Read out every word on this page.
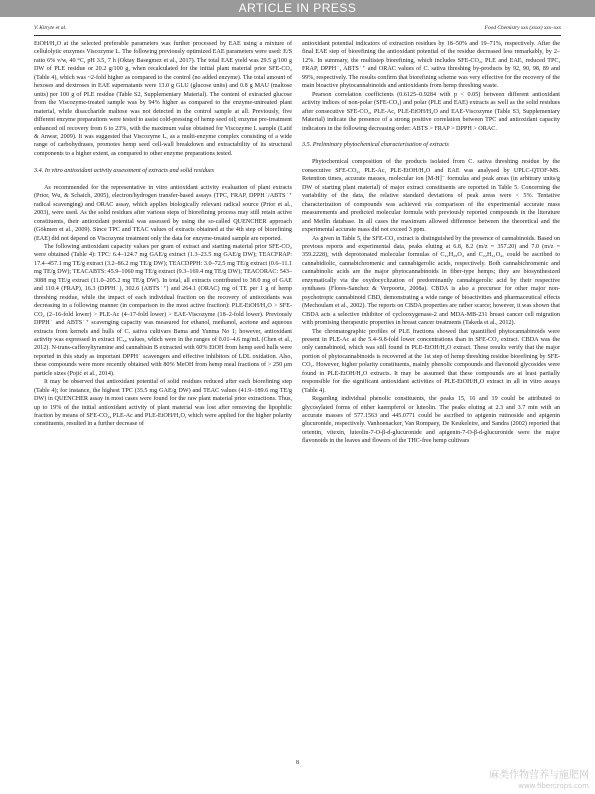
ARTICLE IN PRESS
V. Kitryte et al.	Food Chemistry xxx (xxxx) xxx–xxx

EtOH/H₂O at the selected preferable parameters was further processed by EAE using a mixture of cellulolytic enzymes Viscozyme L. The following previously optimized EAE parameters were used: E/S ratio 6% v/w, 40 °C, pH 3.5, 7 h (Oktay Basegmez et al., 2017). The total EAE yield was 29.5 g/100 g DW of PLE residue or 20.2 g/100 g, when recalculated for the initial plant material prior SFE-CO₂ (Table 4), which was ~2-fold higher as compared to the control (no added enzyme). The total amount of hexoses and dextroses in EAE supernatants were 13.0 g GLU (glucose units) and 0.8 g MAU (maltose units) per 100 g of PLE residue (Table S2, Supplementary Material). The content of extracted glucose from the Viscozyme-treated sample was by 94% higher as compared to the enzyme-untreated plant material, while disaccharide maltose was not detected in the control sample at all. Previously, five different enzyme preparations were tested to assist cold-pressing of hemp seed oil; enzyme pre-treatment enhanced oil recovery from 6 to 23%, with the maximum value obtained for Viscozyme L sample (Latif & Anwar, 2009). It was suggested that Viscozyme L, as a multi-enzyme complex consisting of a wide range of carbohydrases, promotes hemp seed cell-wall breakdown and extractability of its structural components to a higher extent, as compared to other enzyme preparations tested.

3.4. In vitro antioxidant activity assessment of extracts and solid residues

As recommended for the representative in vitro antioxidant activity evaluation of plant extracts (Prior, Wu, & Schaich, 2005), electron/hydrogen transfer-based assays (TPC, FRAP, DPPH˙/ABTS˙⁺ radical scavenging) and ORAC assay, which applies biologically relevant radical source (Prior et al., 2003), were used. As the solid residues after various steps of biorefining process may still retain active constituents, their antioxidant potential was assessed by using the so-called QUENCHER approach (Gökmen et al., 2009). Since TPC and TEAC values of extracts obtained at the 4th step of biorefining (EAE) did not depend on Viscozyme treatment only the data for enzyme-treated sample are reported.

The following antioxidant capacity values per gram of extract and starting material prior SFE-CO₂ were obtained (Table 4): TPC: 6.4–124.7 mg GAE/g extract (1.3–23.5 mg GAE/g DW); TEACFRAP: 17.4–457.1 mg TE/g extract (3.2–86.2 mg TE/g DW); TEACDPPH: 3.0–72.5 mg TE/g extract (0.6–11.1 mg TE/g DW); TEACABTS: 45.9–1060 mg TE/g extract (9.3–169.4 mg TE/g DW); TEACORAC: 543–3088 mg TE/g extract (11.0–205.2 mg TE/g DW). In total, all extracts contributed to 38.0 mg of GAE and 110.4 (FRAP), 16.3 (DPPH˙), 302.6 (ABTS˙⁺) and 264.1 (ORAC) mg of TE per 1 g of hemp threshing residue, while the impact of each individual fraction on the recovery of antioxidants was decreasing in a following manner (in comparison to the most active fraction): PLE-EtOH/H₂O > SFE-CO₂ (2–16-fold lower) > PLE-Ac (4–17-fold lower) > EAE-Viscozyme (18–2-fold lower). Previously DPPH˙ and ABTS˙⁺ scavenging capacity was measured for ethanol, methanol, acetone and aqueous extracts from kernels and hulls of C. sativa cultivars Bama and Yunma No 1; however, antioxidant activity was expressed in extract IC₅₀ values, which were in the ranges of 0.01–4.6 mg/mL (Chen et al., 2012). N-trans-caffeoyltyramine and cannabisin B extracted with 60% EtOH from hemp seed hulls were reported in this study as important DPPH˙ scavengers and effective inhibitors of LDL oxidation. Also, these compounds were more recently obtained with 80% MeOH from hemp meal fractions of > 250 μm particle sizes (Pojić et al., 2014).

It may be observed that antioxidant potential of solid residues reduced after each biorefining step (Table 4); for instance, the highest TPC (35.5 mg GAE/g DW) and TEAC values (41.9–189.6 mg TE/g DW) in QUENCHER assay in most cases were found for the raw plant material prior extractions. Thus, up to 19% of the initial antioxidant activity of plant material was lost after removing the lipophilic fraction by means of SFE-CO₂, PLE-Ac and PLE-EtOH/H₂O, which were applied for the higher polarity constituents, resulted in a further decrease of

antioxidant potential indicators of extraction residues by 18–50% and 19–71%, respectively. After the final EAE step of biorefining the antioxidant potential of the residue decreased less remarkably, by 2–12%. In summary, the multistep biorefining, which includes SFE-CO₂, PLE and EAE, reduced TPC, FRAP, DPPH˙, ABTS˙⁺ and ORAC values of C. sativa threshing by-products by 92, 90, 98, 89 and 99%, respectively. The results confirm that biorefining scheme was very effective for the recovery of the main bioactive phytocannabinoids and antioxidants from hemp threshing waste.

Pearson correlation coefficients (0.6125–0.9284 with p < 0.05) between different antioxidant activity indices of non-polar (SFE-CO₂) and polar (PLE and EAE) extracts as well as the solid residues after consecutive SFE-CO₂, PLE-Ac, PLE-EtOH/H₂O and EAE-Viscozyme (Table S3, Supplementary Material) indicate the presence of a strong positive correlation between TPC and antioxidant capacity indicators in the following decreasing order: ABTS > FRAP > DPPH > ORAC.

3.5. Preliminary phytochemical characterisation of extracts

Phytochemical composition of the products isolated from C. sativa threshing residue by the consecutive SFE-CO₂, PLE-Ac, PLE-EtOH/H₂O and EAE was analysed by UPLC-QTOF-MS. Retention times, accurate masses, molecular ion [M-H]⁻ formulas and peak areas (in arbitrary units/g DW of starting plant material) of major extract constituents are reported in Table 5. Concerning the variability of the data, the relative standard deviations of peak areas were < 5%. Tentative characterization of compounds was achieved via comparison of the experimental accurate mass measurements and predicted molecular formula with previously reported compounds in the literature and Metlin database. In all cases the maximum allowed difference between the theoretical and the experimental accurate mass did not exceed 3 ppm.

As given in Table 5, the SFE-CO₂ extract is distinguished by the presence of cannabinoids. Based on previous reports and experimental data, peaks eluting at 6.8, 8.2 (m/z = 357.20) and 7.0 (m/z = 359.2228), with deprotonated molecular formulas of C₂₂H₂₉O₄ and C₂₂H₃₁O₄, could be ascribed to cannabidiolic, cannabichromenic and cannabigerolic acids, respectively. Both cannabichromenic and cannabinolic acids are the major phytocannabinoids in fiber-type hemps; they are biosynthesized enzymatically via the oxydocyclization of predominantly cannabigerolic acid by their respective synthases (Flores-Sanchez & Verpoorte, 2008a). CBDA is also a precursor for other major non-psychotropic cannabinoid CBD, demonstrating a wide range of bioactivities and pharmaceutical effects (Mechoulam et al., 2002). The reports on CBDA properties are rather scarce; however, it was shown that CBDA acts a selective inhibitor of cyclooxygenase-2 and MDA-MB-231 breast cancer cell migration with promising therapeutic properties in breast cancer treatments (Takeda et al., 2012).

The chromatographic profiles of PLE fractions showed that quantified phytocannabinoids were present in PLE-Ac at the 5.4–9.8-fold lower concentrations than in SFE-CO₂ extract. CBDA was the only cannabinoid, which was still found in PLE-EtOH/H₂O extract. These results verify that the major portion of phytocannabinoids is recovered at the 1st step of hemp threshing residue biorefining by SFE-CO₂. However, higher polarity constituents, mainly phenolic compounds and flavonoid glycosides were found in PLE-EtOH/H₂O extracts. It may be assumed that these compounds are at least partially responsible for the significant antioxidant activities of PLE-EtOH/H₂O extract in all in vitro assays (Table 4).

Regarding individual phenolic constituents, the peaks 15, 16 and 19 could be attributed to glycosylated forms of either kaempferol or luteolin. The peaks eluting at 2.3 and 3.7 min with an accurate masses of 577.1563 and 445.0771 could be ascribed to apigenin rutinoside and apigenin glucuronide, respectively. Vanhoenacker, Van Rompaey, De Keukeleire, and Sandra (2002) reported that orientin, vitexin, luteolin-7-O-β-d-glucuronide and apigenin-7-O-β-d-glucuronide were the major flavonoids in the leaves and flowers of the THC-free hemp cultivars

8
麻类作物营养与施肥网
www.fibercrops.com
